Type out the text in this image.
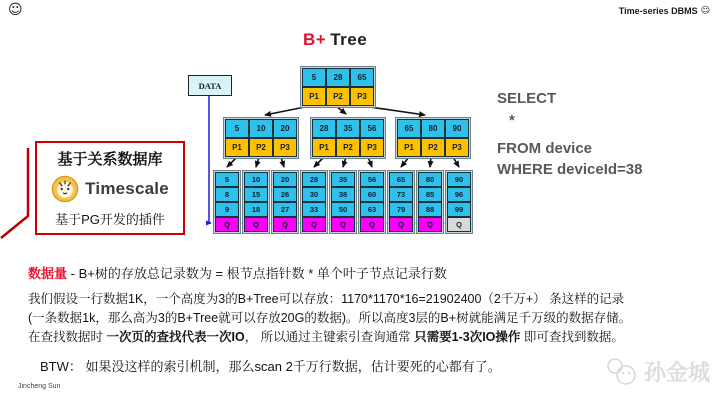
☺	Time-series DBMS ☺
B+ Tree
DATA
5	28	65
P1	P2	P3
5	10	20
P1	P2	P3
28	35	56
P1	P2	P3
65	80	90
P1	P2	P3
5
8
9
Q
10
15
18
Q
20
26
27
Q
28
30
33
Q
35
38
50
Q
56
60
63
Q
65
73
79
Q
80
85
88
Q
90
96
99
Q
基于关系数据库
Timescale
基于PG开发的插件
SELECT
*
FROM device
WHERE deviceId=38
数据量 - B+树的存放总记录数为 = 根节点指针数 * 单个叶子节点记录行数
我们假设一行数据1K，一个高度为3的B+Tree可以存放：1170*1170*16=21902400（2千万+） 条这样的记录
(一条数据1k，那么高为3的B+Tree就可以存放20G的数据)。所以高度3层的B+树就能满足千万级的数据存储。
在查找数据时 一次页的查找代表一次IO， 所以通过主键索引查询通常 只需要1-3次IO操作 即可查找到数据。
BTW： 如果没这样的索引机制，那么scan 2千万行数据，估计要死的心都有了。
Jincheng Sun
孙金城
